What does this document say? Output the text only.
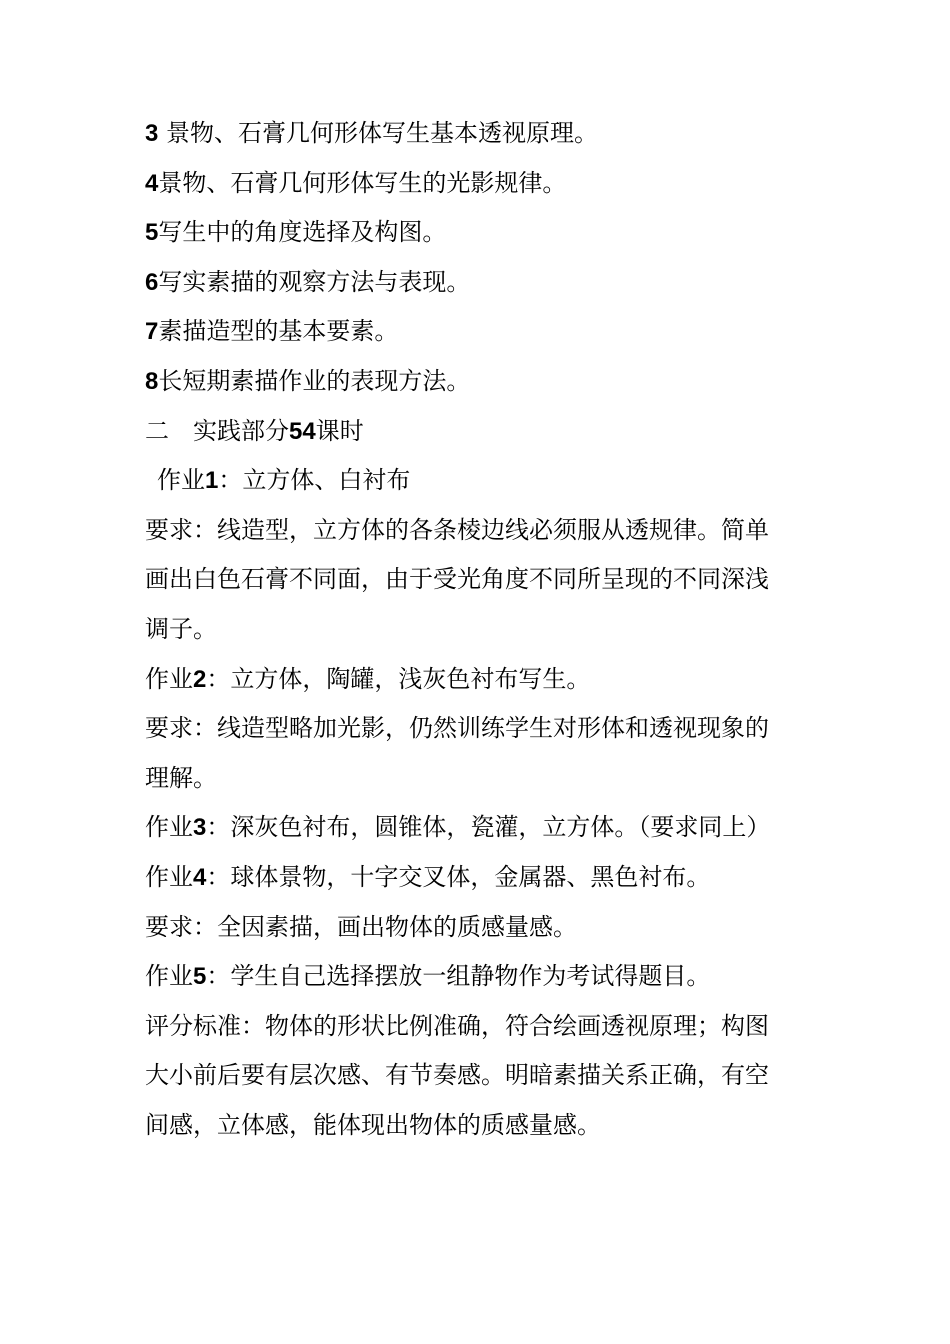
3 景物、石膏几何形体写生基本透视原理。
4景物、石膏几何形体写生的光影规律。
5写生中的角度选择及构图。
6写实素描的观察方法与表现。
7素描造型的基本要素。
8长短期素描作业的表现方法。
二　实践部分54课时
作业1：立方体、白衬布
要求：线造型，立方体的各条棱边线必须服从透规律。简单
画出白色石膏不同面，由于受光角度不同所呈现的不同深浅
调子。
作业2：立方体，陶罐，浅灰色衬布写生。
要求：线造型略加光影，仍然训练学生对形体和透视现象的
理解。
作业3：深灰色衬布，圆锥体，瓷灌，立方体。（要求同上）
作业4：球体景物，十字交叉体，金属器、黑色衬布。
要求：全因素描，画出物体的质感量感。
作业5：学生自己选择摆放一组静物作为考试得题目。
评分标准：物体的形状比例准确，符合绘画透视原理；构图
大小前后要有层次感、有节奏感。明暗素描关系正确，有空
间感，立体感，能体现出物体的质感量感。
